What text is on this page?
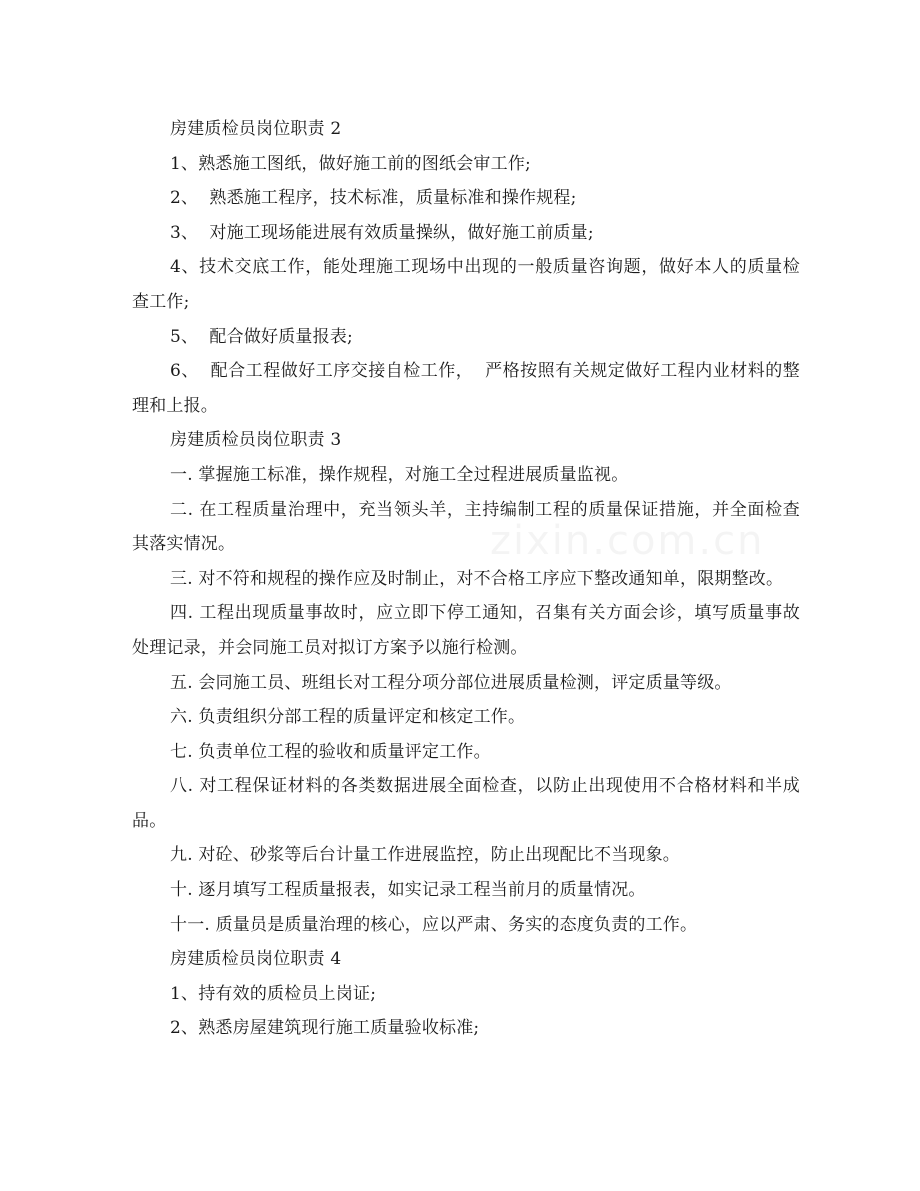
房建质检员岗位职责 2

1、熟悉施工图纸，做好施工前的图纸会审工作;

2、  熟悉施工程序，技术标准，质量标准和操作规程;

3、  对施工现场能进展有效质量操纵，做好施工前质量;

4、技术交底工作，能处理施工现场中出现的一般质量咨询题，做好本人的质量检查工作;

5、  配合做好质量报表;

6、  配合工程做好工序交接自检工作，  严格按照有关规定做好工程内业材料的整理和上报。

房建质检员岗位职责 3

一. 掌握施工标准，操作规程，对施工全过程进展质量监视。

二. 在工程质量治理中，充当领头羊，主持编制工程的质量保证措施，并全面检查其落实情况。

三. 对不符和规程的操作应及时制止，对不合格工序应下整改通知单，限期整改。

四. 工程出现质量事故时，应立即下停工通知，召集有关方面会诊，填写质量事故处理记录，并会同施工员对拟订方案予以施行检测。

五. 会同施工员、班组长对工程分项分部位进展质量检测，评定质量等级。

六. 负责组织分部工程的质量评定和核定工作。

七. 负责单位工程的验收和质量评定工作。

八. 对工程保证材料的各类数据进展全面检查，以防止出现使用不合格材料和半成品。

九. 对砼、砂浆等后台计量工作进展监控，防止出现配比不当现象。

十. 逐月填写工程质量报表，如实记录工程当前月的质量情况。

十一. 质量员是质量治理的核心，应以严肃、务实的态度负责的工作。

房建质检员岗位职责 4

1、持有效的质检员上岗证;

2、熟悉房屋建筑现行施工质量验收标准;
